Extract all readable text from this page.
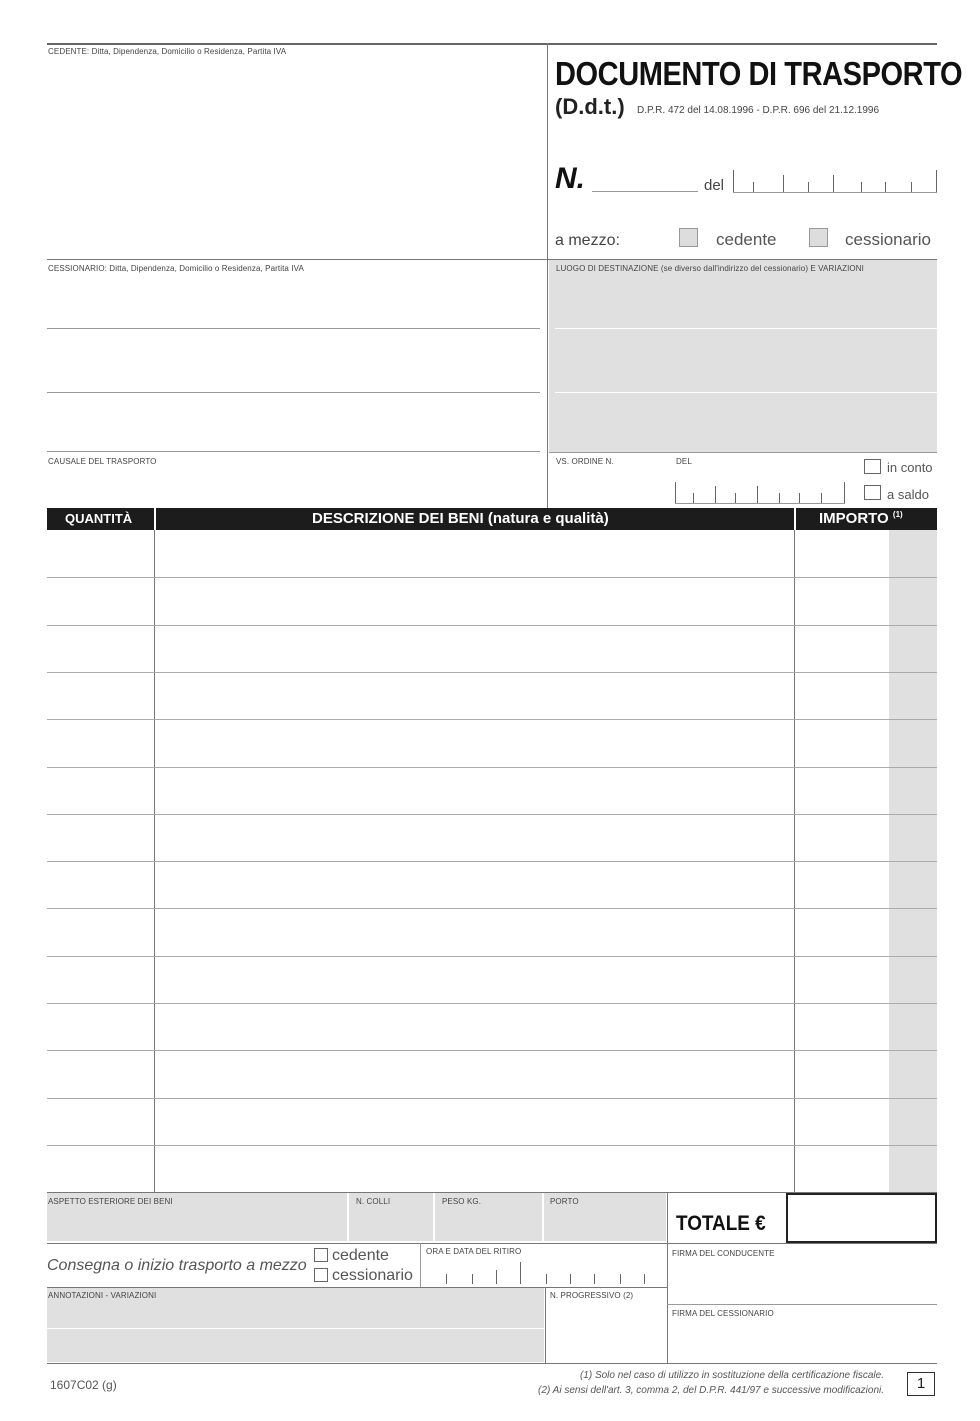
CEDENTE: Ditta, Dipendenza, Domicilio o Residenza, Partita IVA
DOCUMENTO DI TRASPORTO
(D.d.t.) D.P.R. 472 del 14.08.1996 - D.P.R. 696 del 21.12.1996
N.	del
a mezzo:	cedente	cessionario
CESSIONARIO: Ditta, Dipendenza, Domicilio o Residenza, Partita IVA	LUOGO DI DESTINAZIONE (se diverso dall'indirizzo del cessionario) E VARIAZIONI
CAUSALE DEL TRASPORTO	VS. ORDINE N.	DEL	in conto
a saldo
QUANTITÀ	DESCRIZIONE DEI BENI (natura e qualità)	IMPORTO $^{(1)}$
ASPETTO ESTERIORE DEI BENI	N. COLLI	PESO KG.	PORTO
TOTALE €
Consegna o inizio trasporto a mezzo
cedente
cessionario
ORA E DATA DEL RITIRO	FIRMA DEL CONDUCENTE
FIRMA DEL CESSIONARIO
ANNOTAZIONI - VARIAZIONI	N. PROGRESSIVO (2)
1607C02 (g)
(1) Solo nel caso di utilizzo in sostituzione della certificazione fiscale.
(2) Ai sensi dell'art. 3, comma 2, del D.P.R. 441/97 e successive modificazioni.	1
